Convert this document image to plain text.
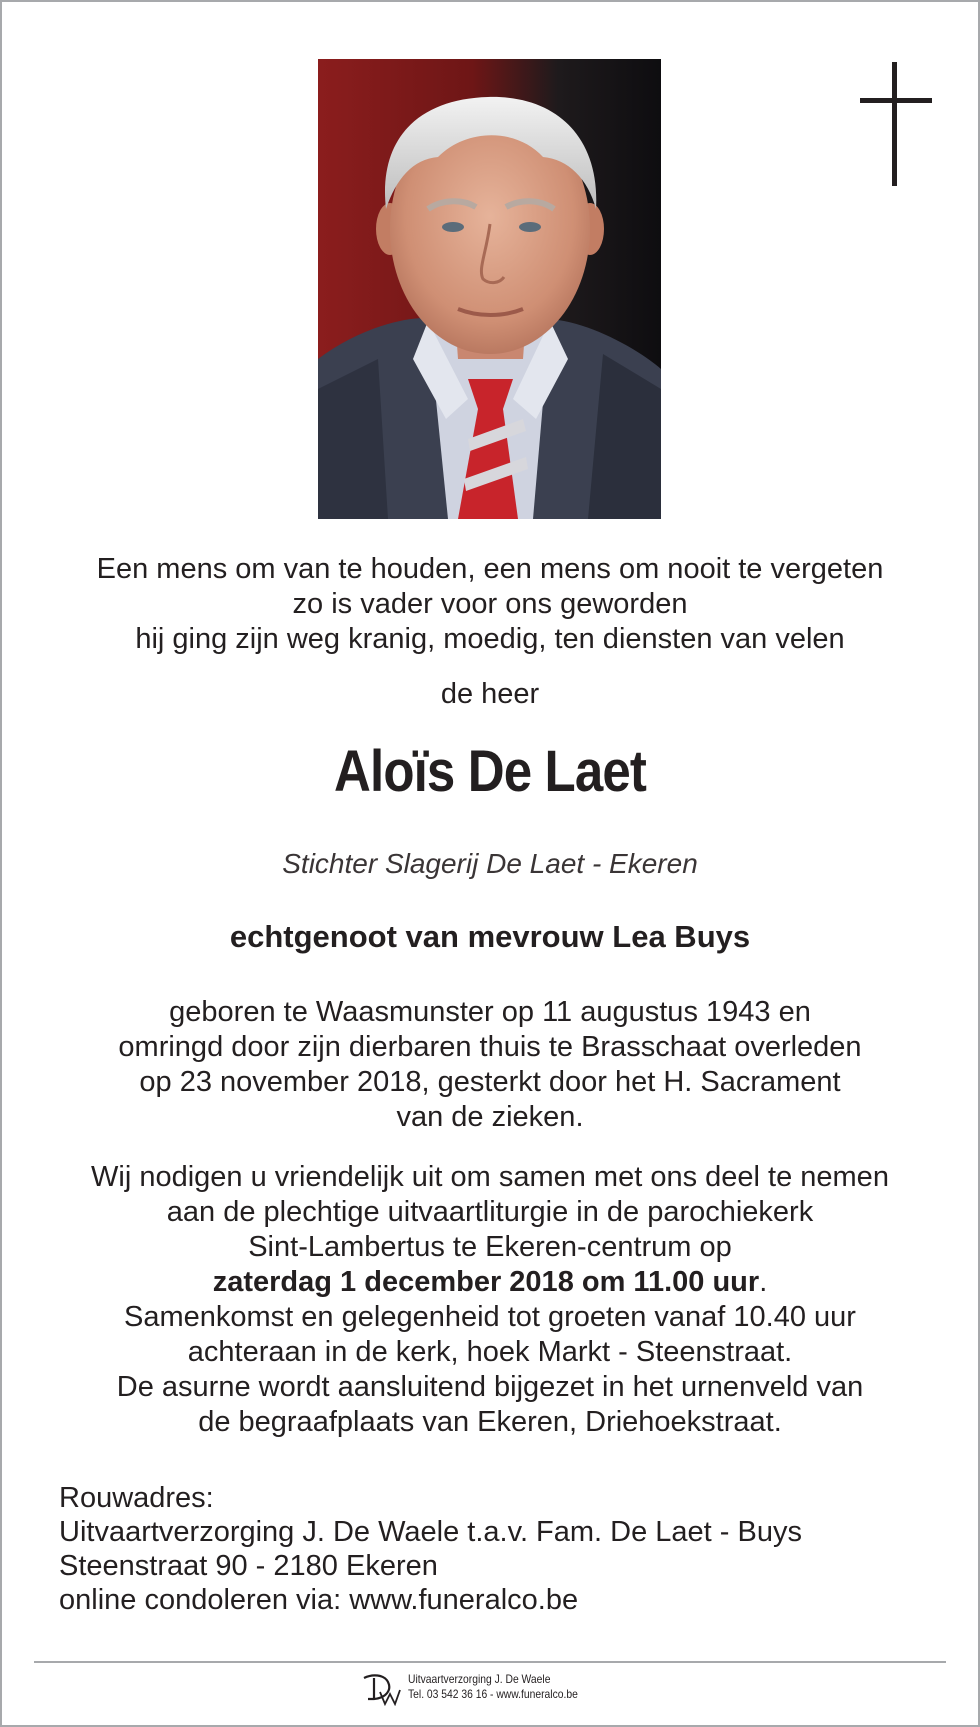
Een mens om van te houden, een mens om nooit te vergeten
zo is vader voor ons geworden
hij ging zijn weg kranig, moedig, ten diensten van velen
de heer
Aloïs De Laet
Stichter Slagerij De Laet - Ekeren
echtgenoot van mevrouw Lea Buys
geboren te Waasmunster op 11 augustus 1943 en
omringd door zijn dierbaren thuis te Brasschaat overleden
op 23 november 2018, gesterkt door het H. Sacrament
van de zieken.
Wij nodigen u vriendelijk uit om samen met ons deel te nemen
aan de plechtige uitvaartliturgie in de parochiekerk
Sint-Lambertus te Ekeren-centrum op
zaterdag 1 december 2018 om 11.00 uur.
Samenkomst en gelegenheid tot groeten vanaf 10.40 uur
achteraan in de kerk, hoek Markt - Steenstraat.
De asurne wordt aansluitend bijgezet in het urnenveld van
de begraafplaats van Ekeren, Driehoekstraat.
Rouwadres:
Uitvaartverzorging J. De Waele t.a.v. Fam. De Laet - Buys
Steenstraat 90 - 2180 Ekeren
online condoleren via: www.funeralco.be
Uitvaartverzorging J. De Waele
Tel. 03 542 36 16 - www.funeralco.be
